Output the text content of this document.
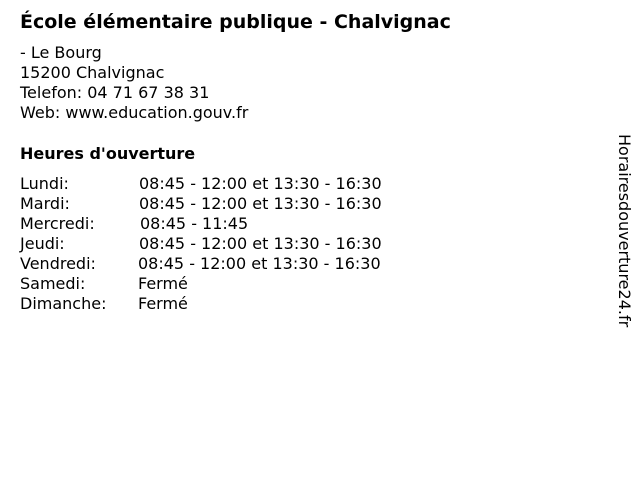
École élémentaire publique - Chalvignac
- Le Bourg
15200 Chalvignac
Telefon: 04 71 67 38 31
Web: www.education.gouv.fr
Heures d'ouverture
Lundi:	08:45 - 12:00 et 13:30 - 16:30
Mardi:	08:45 - 12:00 et 13:30 - 16:30
Mercredi:	08:45 - 11:45
Jeudi:	08:45 - 12:00 et 13:30 - 16:30
Vendredi:	08:45 - 12:00 et 13:30 - 16:30
Samedi:	Fermé
Dimanche:	Fermé	Horairesdouverture24.fr
